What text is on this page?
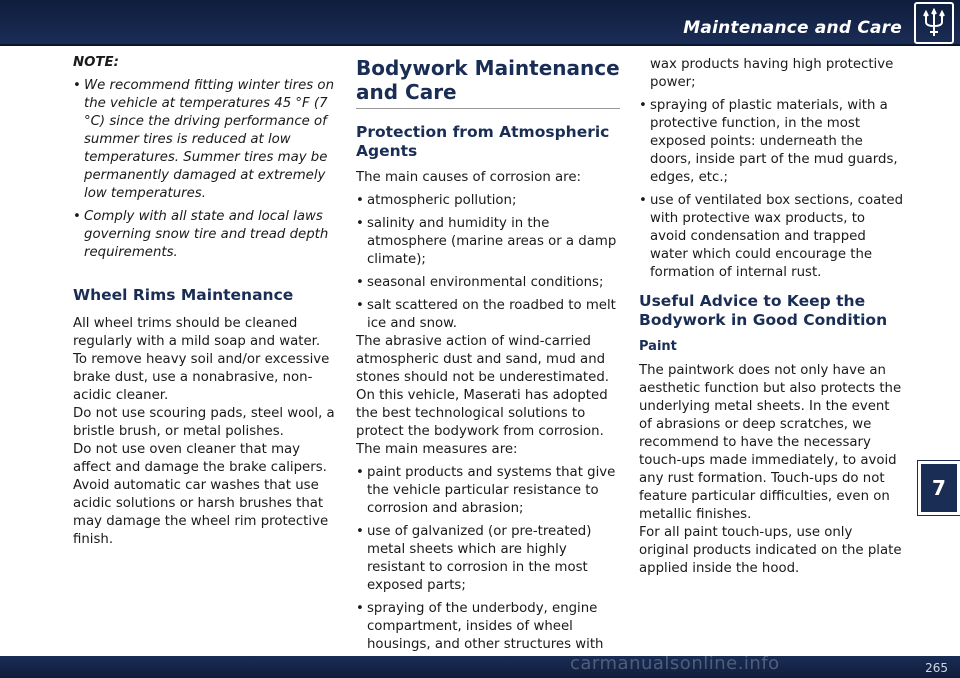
Maintenance and Care
7

NOTE:

• We recommend fitting winter tires on the vehicle at temperatures 45 °F (7 °C) since the driving performance of summer tires is reduced at low temperatures. Summer tires may be permanently damaged at extremely low temperatures.
• Comply with all state and local laws governing snow tire and tread depth requirements.
Wheel Rims Maintenance

All wheel trims should be cleaned regularly with a mild soap and water. To remove heavy soil and/or excessive brake dust, use a nonabrasive, non-acidic cleaner.

Do not use scouring pads, steel wool, a bristle brush, or metal polishes.

Do not use oven cleaner that may affect and damage the brake calipers. Avoid automatic car washes that use acidic solutions or harsh brushes that may damage the wheel rim protective finish.

Bodywork Maintenance and Care
Protection from Atmospheric Agents

The main causes of corrosion are:

• atmospheric pollution;
• salinity and humidity in the atmosphere (marine areas or a damp climate);
• seasonal environmental conditions;
• salt scattered on the roadbed to melt ice and snow.

The abrasive action of wind-carried atmospheric dust and sand, mud and stones should not be underestimated. On this vehicle, Maserati has adopted the best technological solutions to protect the bodywork from corrosion. The main measures are:

• paint products and systems that give the vehicle particular resistance to corrosion and abrasion;
• use of galvanized (or pre-treated) metal sheets which are highly resistant to corrosion in the most exposed parts;
• spraying of the underbody, engine compartment, insides of wheel housings, and other structures with

wax products having high protective power;

• spraying of plastic materials, with a protective function, in the most exposed points: underneath the doors, inside part of the mud guards, edges, etc.;
• use of ventilated box sections, coated with protective wax products, to avoid condensation and trapped water which could encourage the formation of internal rust.
Useful Advice to Keep the Bodywork in Good Condition
Paint

The paintwork does not only have an aesthetic function but also protects the underlying metal sheets. In the event of abrasions or deep scratches, we recommend to have the necessary touch-ups made immediately, to avoid any rust formation. Touch-ups do not feature particular difficulties, even on metallic finishes.

For all paint touch-ups, use only original products indicated on the plate applied inside the hood.

carmanualsonline.info	265
